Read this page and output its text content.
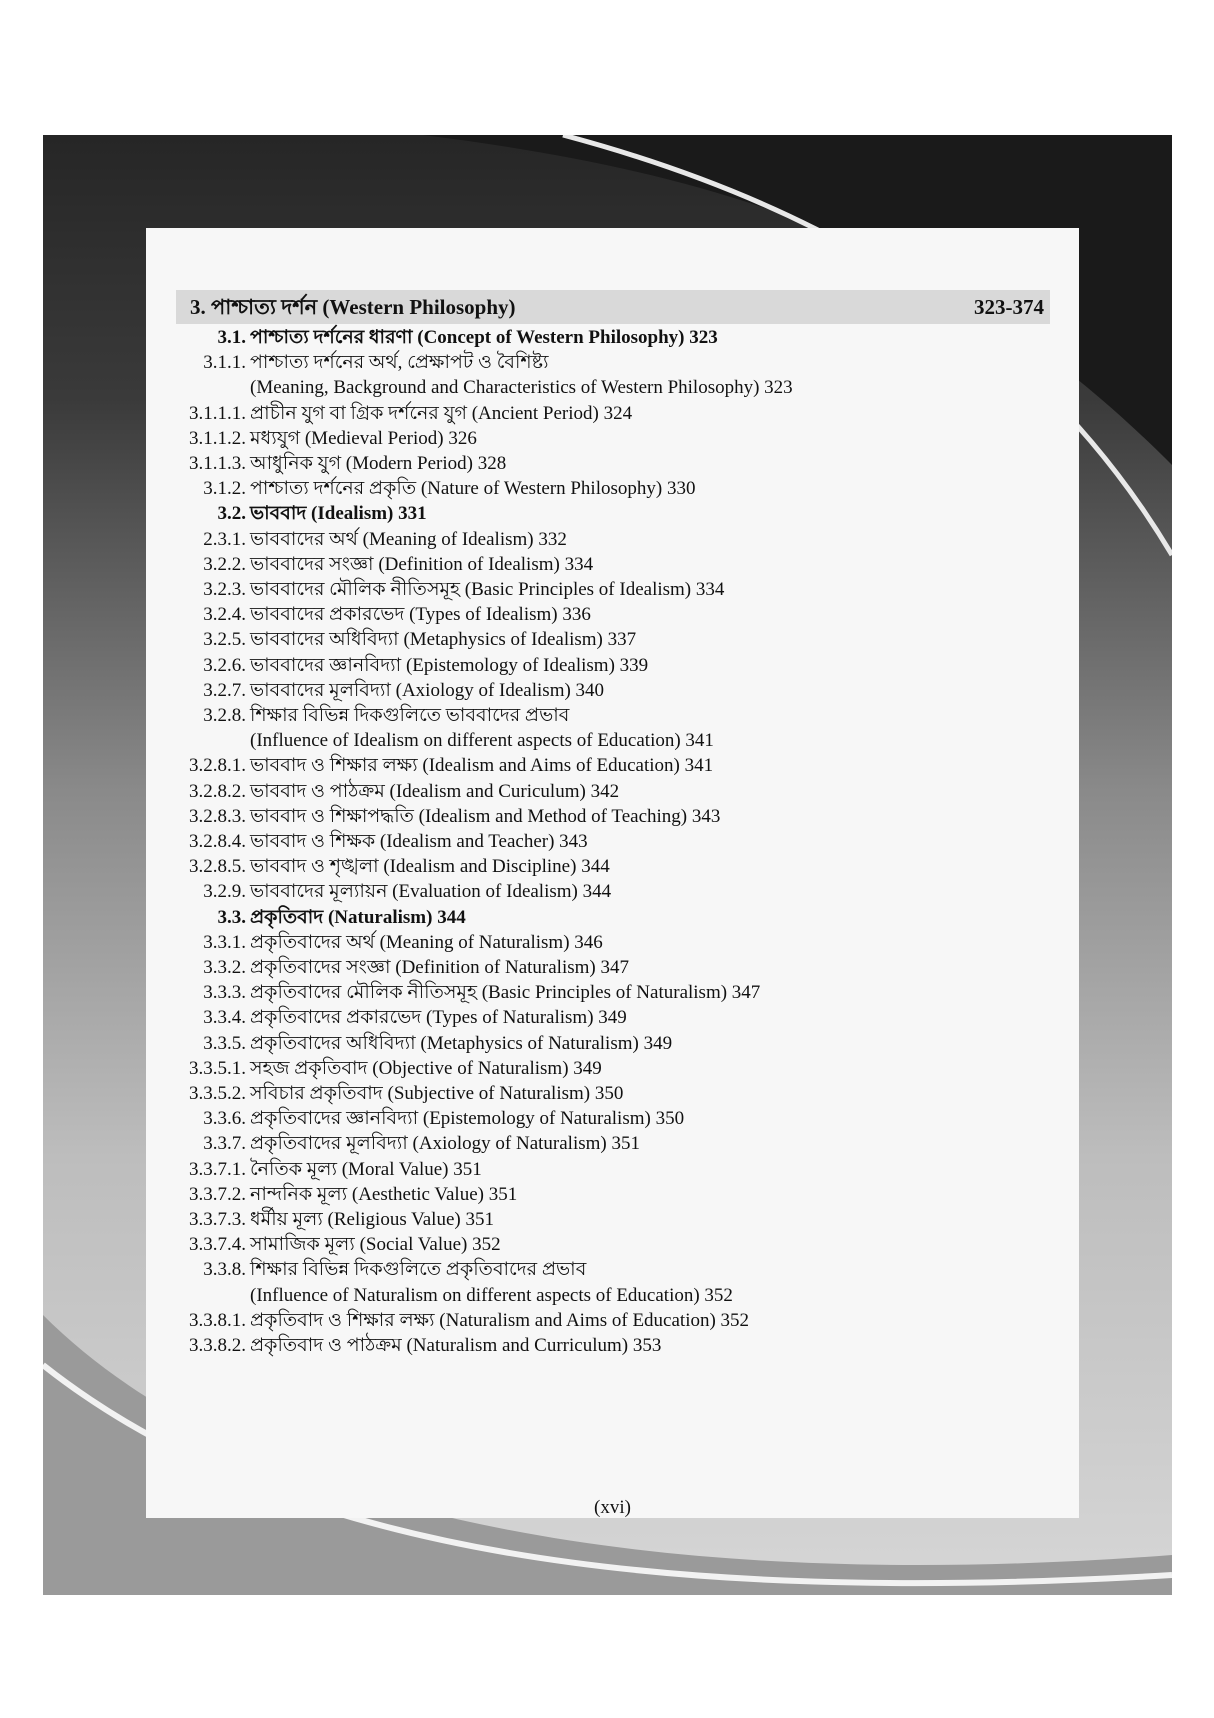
3. পাশ্চাত্য দর্শন (Western Philosophy)	323-374
3.1. পাশ্চাত্য দর্শনের ধারণা (Concept of Western Philosophy) 323
3.1.1. পাশ্চাত্য দর্শনের অর্থ, প্রেক্ষাপট ও বৈশিষ্ট্য
(Meaning, Background and Characteristics of Western Philosophy) 323
3.1.1.1. প্রাচীন যুগ বা গ্রিক দর্শনের যুগ (Ancient Period) 324
3.1.1.2. মধ্যযুগ (Medieval Period) 326
3.1.1.3. আধুনিক যুগ (Modern Period) 328
3.1.2. পাশ্চাত্য দর্শনের প্রকৃতি (Nature of Western Philosophy) 330
3.2. ভাববাদ (Idealism) 331
2.3.1. ভাববাদের অর্থ (Meaning of Idealism) 332
3.2.2. ভাববাদের সংজ্ঞা (Definition of Idealism) 334
3.2.3. ভাববাদের মৌলিক নীতিসমূহ (Basic Principles of Idealism) 334
3.2.4. ভাববাদের প্রকারভেদ (Types of Idealism) 336
3.2.5. ভাববাদের অধিবিদ্যা (Metaphysics of Idealism) 337
3.2.6. ভাববাদের জ্ঞানবিদ্যা (Epistemology of Idealism) 339
3.2.7. ভাববাদের মূলবিদ্যা (Axiology of Idealism) 340
3.2.8. শিক্ষার বিভিন্ন দিকগুলিতে ভাববাদের প্রভাব
(Influence of Idealism on different aspects of Education) 341
3.2.8.1. ভাববাদ ও শিক্ষার লক্ষ্য (Idealism and Aims of Education) 341
3.2.8.2. ভাববাদ ও পাঠক্রম (Idealism and Curiculum) 342
3.2.8.3. ভাববাদ ও শিক্ষাপদ্ধতি (Idealism and Method of Teaching) 343
3.2.8.4. ভাববাদ ও শিক্ষক (Idealism and Teacher) 343
3.2.8.5. ভাববাদ ও শৃঙ্খলা (Idealism and Discipline) 344
3.2.9. ভাববাদের মূল্যায়ন (Evaluation of Idealism) 344
3.3. প্রকৃতিবাদ (Naturalism) 344
3.3.1. প্রকৃতিবাদের অর্থ (Meaning of Naturalism) 346
3.3.2. প্রকৃতিবাদের সংজ্ঞা (Definition of Naturalism) 347
3.3.3. প্রকৃতিবাদের মৌলিক নীতিসমূহ (Basic Principles of Naturalism) 347
3.3.4. প্রকৃতিবাদের প্রকারভেদ (Types of Naturalism) 349
3.3.5. প্রকৃতিবাদের অধিবিদ্যা (Metaphysics of Naturalism) 349
3.3.5.1. সহজ প্রকৃতিবাদ (Objective of Naturalism) 349
3.3.5.2. সবিচার প্রকৃতিবাদ (Subjective of Naturalism) 350
3.3.6. প্রকৃতিবাদের জ্ঞানবিদ্যা (Epistemology of Naturalism) 350
3.3.7. প্রকৃতিবাদের মূলবিদ্যা (Axiology of Naturalism) 351
3.3.7.1. নৈতিক মূল্য (Moral Value) 351
3.3.7.2. নান্দনিক মূল্য (Aesthetic Value) 351
3.3.7.3. ধর্মীয় মূল্য (Religious Value) 351
3.3.7.4. সামাজিক মূল্য (Social Value) 352
3.3.8. শিক্ষার বিভিন্ন দিকগুলিতে প্রকৃতিবাদের প্রভাব
(Influence of Naturalism on different aspects of Education) 352
3.3.8.1. প্রকৃতিবাদ ও শিক্ষার লক্ষ্য (Naturalism and Aims of Education) 352
3.3.8.2. প্রকৃতিবাদ ও পাঠক্রম (Naturalism and Curriculum) 353
(xvi)
